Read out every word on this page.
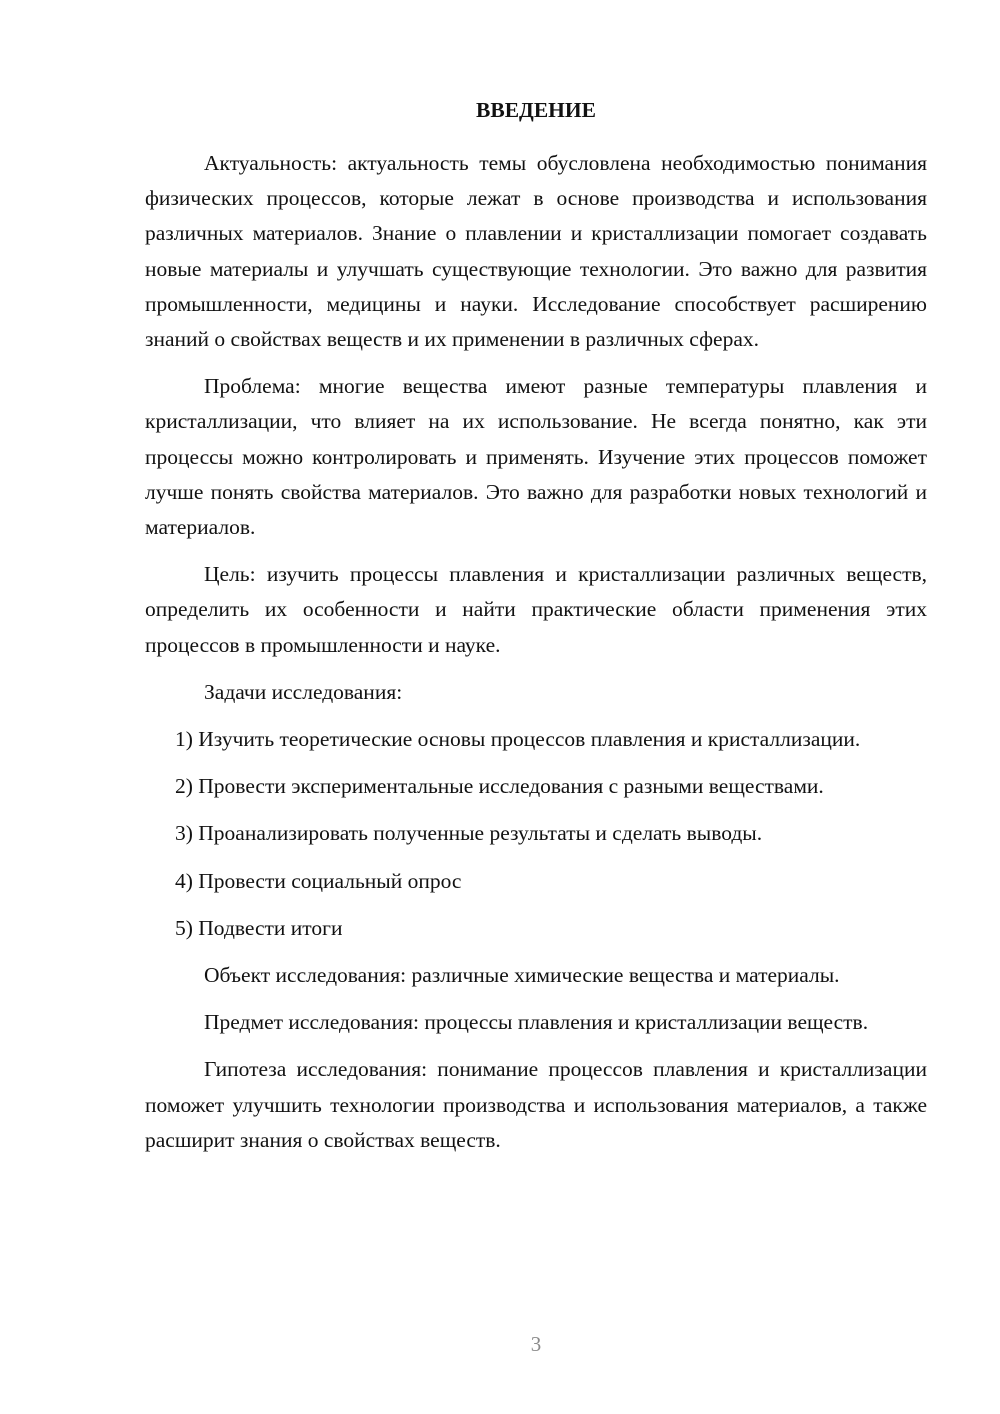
ВВЕДЕНИЕ

Актуальность: актуальность темы обусловлена необходимостью понимания физических процессов, которые лежат в основе производства и использования различных материалов. Знание о плавлении и кристаллизации помогает создавать новые материалы и улучшать существующие технологии. Это важно для развития промышленности, медицины и науки. Исследование способствует расширению знаний о свойствах веществ и их применении в различных сферах.

Проблема: многие вещества имеют разные температуры плавления и кристаллизации, что влияет на их использование. Не всегда понятно, как эти процессы можно контролировать и применять. Изучение этих процессов поможет лучше понять свойства материалов. Это важно для разработки новых технологий и материалов.

Цель: изучить процессы плавления и кристаллизации различных веществ, определить их особенности и найти практические области применения этих процессов в промышленности и науке.

Задачи исследования:

1) Изучить теоретические основы процессов плавления и кристаллизации.

2) Провести экспериментальные исследования с разными веществами.

3) Проанализировать полученные результаты и сделать выводы.

4) Провести социальный опрос

5) Подвести итоги

Объект исследования: различные химические вещества и материалы.

Предмет исследования: процессы плавления и кристаллизации веществ.

Гипотеза исследования: понимание процессов плавления и кристаллизации поможет улучшить технологии производства и использования материалов, а также расширит знания о свойствах веществ.

3
